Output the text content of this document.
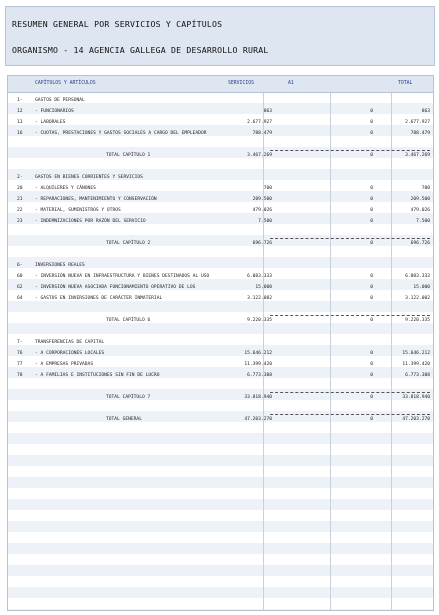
RESUMEN GENERAL POR SERVICIOS Y CAPÍTULOS
ORGANISMO - 14 AGENCIA GALLEGA DE DESARROLLO RURAL
CAPÍTULOS Y ARTÍCULOS	SERVICIOS	A1	TOTAL
1-	GASTOS DE PERSONAL
12	- FUNCIONARIOS	863	0	863
13	- LABORALES	2.677.927	0	2.677.927
16	- CUOTAS, PRESTACIONES Y GASTOS SOCIALES A CARGO DEL EMPLEADOR	788.479	0	788.479
TOTAL CAPÍTULO 1	3.467.269	0	3.467.269
2-	GASTOS EN BIENES CORRIENTES Y SERVICIOS
20	- ALQUILERES Y CÁNONES	700	0	700
21	- REPARACIONES, MANTENIMIENTO Y CONSERVACIÓN	209.500	0	209.500
22	- MATERIAL, SUMINISTROS Y OTROS	479.026	0	479.026
23	- INDEMNIZACIONES POR RAZÓN DEL SERVICIO	7.500	0	7.500
TOTAL CAPÍTULO 2	696.726	0	696.726
6-	INVERSIONES REALES
60	- INVERSIÓN NUEVA EN INFRAESTRUCTURA Y BIENES DESTINADOS AL USO	6.083.333	0	6.083.333
62	- INVERSIÓN NUEVA ASOCIADA FUNCIONAMIENTO OPERATIVO DE LOS	15.000	0	15.000
64	- GASTOS EN INVERSIONES DE CARÁCTER INMATERIAL	3.122.002	0	3.122.002
TOTAL CAPÍTULO 6	9.220.335	0	9.220.335
7-	TRANSFERENCIAS DE CAPITAL
76	- A CORPORACIONES LOCALES	15.646.212	0	15.646.212
77	- A EMPRESAS PRIVADAS	11.399.420	0	11.399.420
78	- A FAMILIAS E INSTITUCIONES SIN FIN DE LUCRO	6.773.308	0	6.773.308
TOTAL CAPÍTULO 7	33.818.940	0	33.818.940
TOTAL GENERAL	47.203.270	0	47.203.270
